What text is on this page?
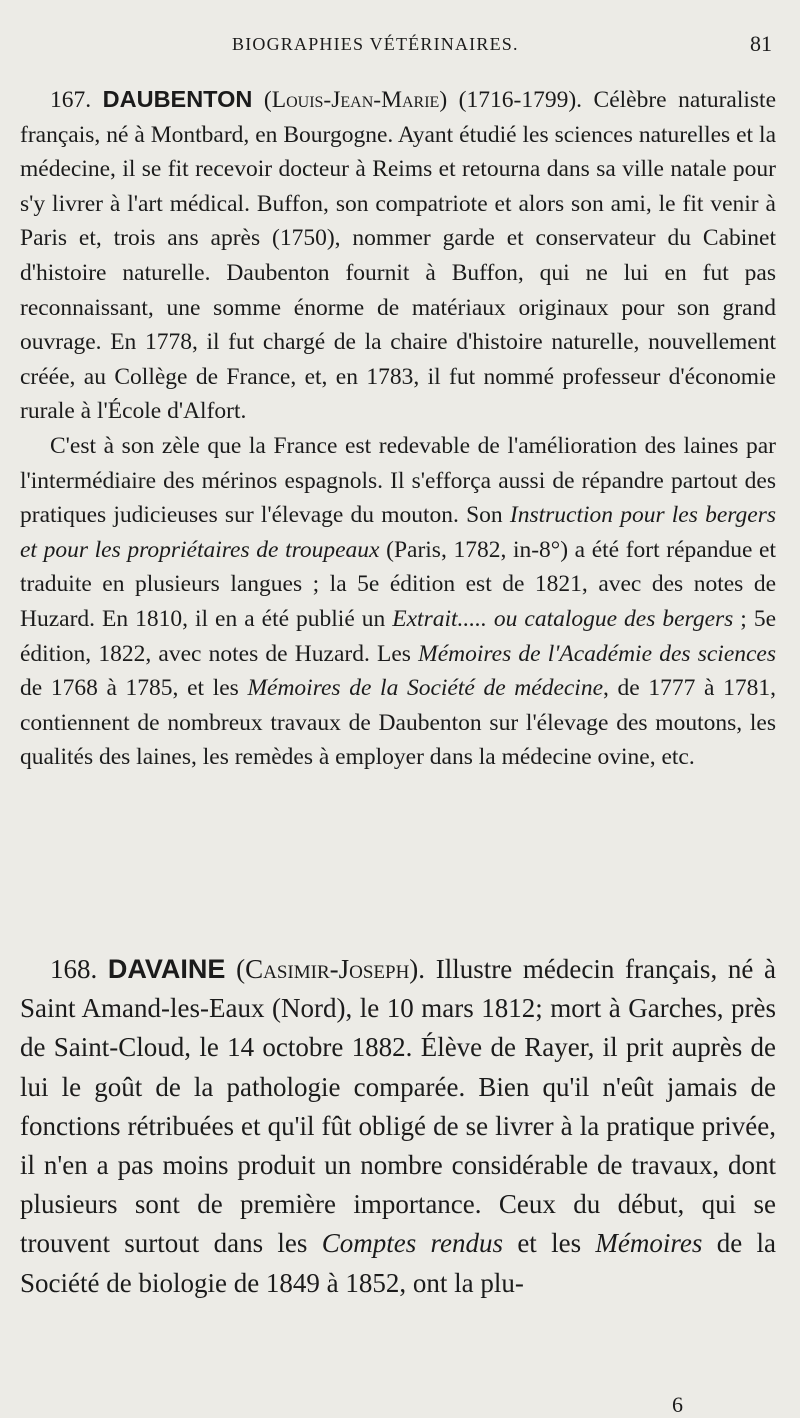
BIOGRAPHIES VÉTÉRINAIRES.	81

167. DAUBENTON (Louis-Jean-Marie) (1716-1799). Célèbre naturaliste français, né à Montbard, en Bourgogne. Ayant étudié les sciences naturelles et la médecine, il se fit recevoir docteur à Reims et retourna dans sa ville natale pour s'y livrer à l'art médical. Buffon, son compatriote et alors son ami, le fit venir à Paris et, trois ans après (1750), nommer garde et conservateur du Cabinet d'histoire naturelle. Daubenton fournit à Buffon, qui ne lui en fut pas reconnaissant, une somme énorme de matériaux originaux pour son grand ouvrage. En 1778, il fut chargé de la chaire d'histoire naturelle, nouvellement créée, au Collège de France, et, en 1783, il fut nommé professeur d'économie rurale à l'École d'Alfort.

C'est à son zèle que la France est redevable de l'amélioration des laines par l'intermédiaire des mérinos espagnols. Il s'efforça aussi de répandre partout des pratiques judicieuses sur l'élevage du mouton. Son Instruction pour les bergers et pour les propriétaires de troupeaux (Paris, 1782, in-8°) a été fort répandue et traduite en plusieurs langues ; la 5e édition est de 1821, avec des notes de Huzard. En 1810, il en a été publié un Extrait..... ou catalogue des bergers ; 5e édition, 1822, avec notes de Huzard. Les Mémoires de l'Académie des sciences de 1768 à 1785, et les Mémoires de la Société de médecine, de 1777 à 1781, contiennent de nombreux travaux de Daubenton sur l'élevage des moutons, les qualités des laines, les remèdes à employer dans la médecine ovine, etc.

168. DAVAINE (Casimir-Joseph). Illustre médecin français, né à Saint Amand-les-Eaux (Nord), le 10 mars 1812; mort à Garches, près de Saint-Cloud, le 14 octobre 1882. Élève de Rayer, il prit auprès de lui le goût de la pathologie comparée. Bien qu'il n'eût jamais de fonctions rétribuées et qu'il fût obligé de se livrer à la pratique privée, il n'en a pas moins produit un nombre considérable de travaux, dont plusieurs sont de première importance. Ceux du début, qui se trouvent surtout dans les Comptes rendus et les Mémoires de la Société de biologie de 1849 à 1852, ont la plu-

6
